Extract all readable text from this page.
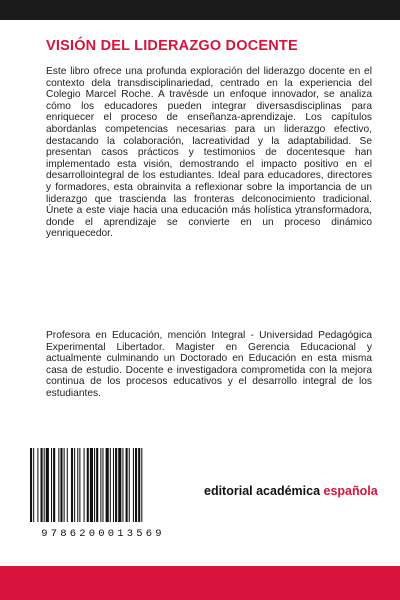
VISIÓN DEL LIDERAZGO DOCENTE

Este libro ofrece una profunda exploración del liderazgo docente en el contexto dela transdisciplinariedad, centrado en la experiencia del Colegio Marcel Roche. A travésde un enfoque innovador, se analiza cómo los educadores pueden integrar diversasdisciplinas para enriquecer el proceso de enseñanza-aprendizaje. Los capítulos abordanlas competencias necesarias para un liderazgo efectivo, destacando la colaboración, lacreatividad y la adaptabilidad. Se presentan casos prácticos y testimonios de docentesque han implementado esta visión, demostrando el impacto positivo en el desarrollointegral de los estudiantes. Ideal para educadores, directores y formadores, esta obrainvita a reflexionar sobre la importancia de un liderazgo que trascienda las fronteras delconocimiento tradicional. Únete a este viaje hacia una educación más holística ytransformadora, donde el aprendizaje se convierte en un proceso dinámico yenriquecedor.

Profesora en Educación, mención Integral - Universidad Pedagógica Experimental Libertador. Magister en Gerencia Educacional y actualmente culminando un Doctorado en Educación en esta misma casa de estudio. Docente e investigadora comprometida con la mejora continua de los procesos educativos y el desarrollo integral de los estudiantes.

9786200013569
editorial académica española
